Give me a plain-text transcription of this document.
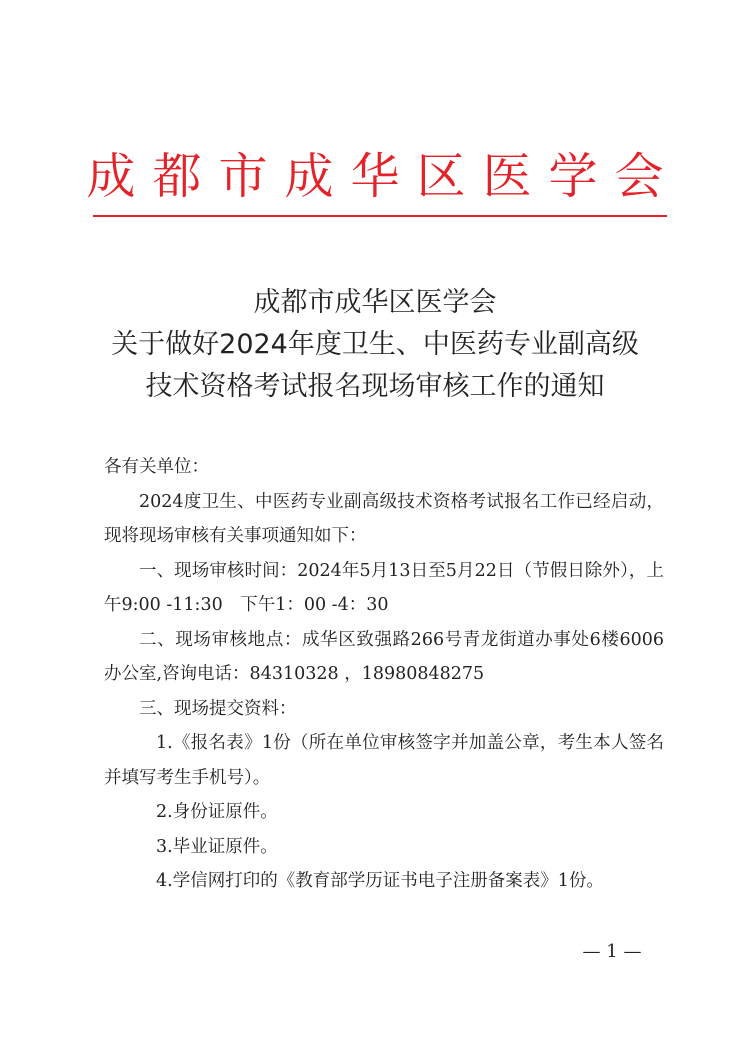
成都市成华区医学会
成都市成华区医学会
关于做好2024年度卫生、中医药专业副高级
技术资格考试报名现场审核工作的通知

各有关单位：

2024度卫生、中医药专业副高级技术资格考试报名工作已经启动，现将现场审核有关事项通知如下：

一、现场审核时间：2024年5月13日至5月22日（节假日除外），上午9:00 -11:30　下午1：00 -4：30

二、现场审核地点：成华区致强路266号青龙街道办事处6楼6006办公室,咨询电话：84310328 ，18980848275

三、现场提交资料：

1.《报名表》1份（所在单位审核签字并加盖公章，考生本人签名并填写考生手机号）。

2.身份证原件。

3.毕业证原件。

4.学信网打印的《教育部学历证书电子注册备案表》1份。

— 1 —
